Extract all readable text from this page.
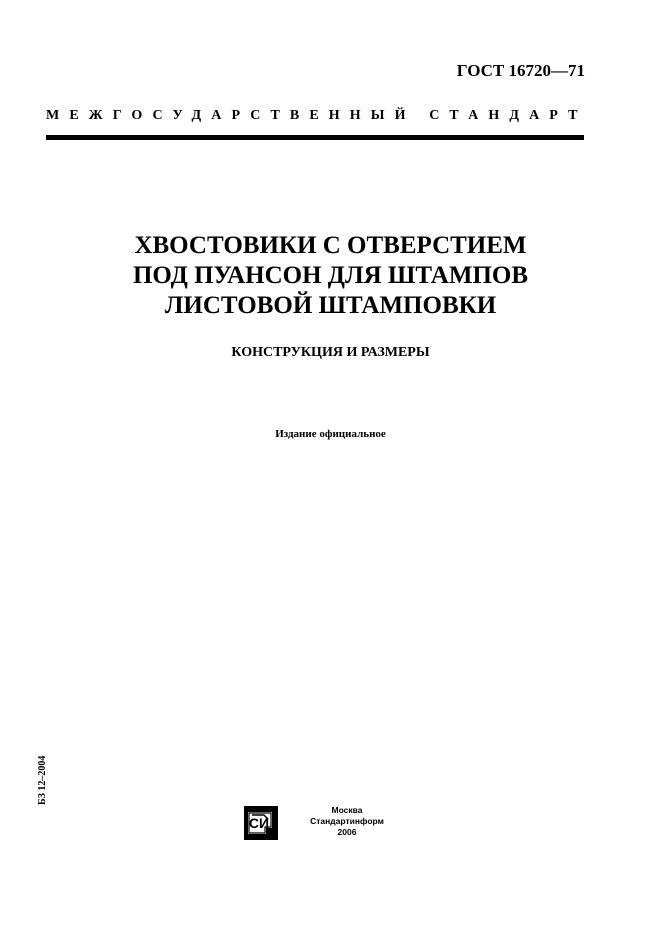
ГОСТ 16720—71
МЕЖГОСУДАРСТВЕННЫЙ СТАНДАРТ
ХВОСТОВИКИ С ОТВЕРСТИЕМ
ПОД ПУАНСОН ДЛЯ ШТАМПОВ
ЛИСТОВОЙ ШТАМПОВКИ
КОНСТРУКЦИЯ И РАЗМЕРЫ
Издание официальное
БЗ 12–2004
СИ
Москва
Стандартинформ
2006
